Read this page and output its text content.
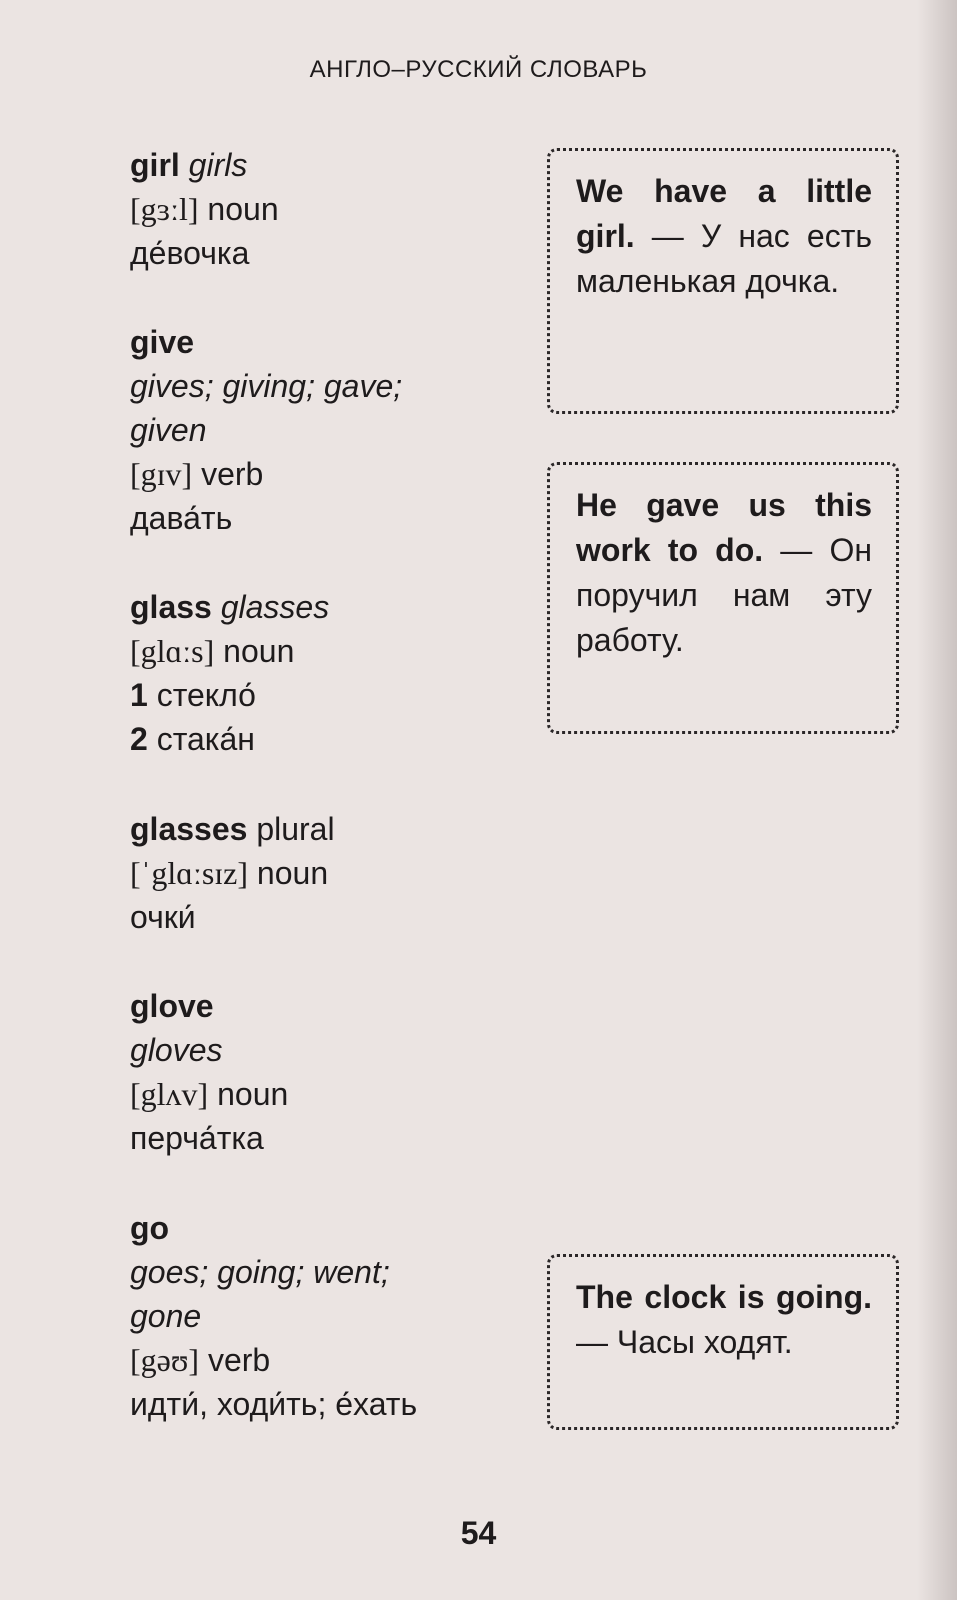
АНГЛО–РУССКИЙ СЛОВАРЬ
girl girls
[gɜːl] noun
де́вочка
give
gives; giving; gave;
given
[gɪv] verb
дава́ть
glass glasses
[glɑːs] noun
1 стекло́
2 стака́н
glasses plural
[ˈglɑːsɪz] noun
очки́
glove
gloves
[glʌv] noun
перча́тка
go
goes; going; went;
gone
[gəʊ] verb
идти́, ходи́ть; е́хать
We have a little girl. — У нас есть маленькая дочка.
He gave us this work to do. — Он поручил нам эту работу.
The clock is going. — Часы ходят.
54
